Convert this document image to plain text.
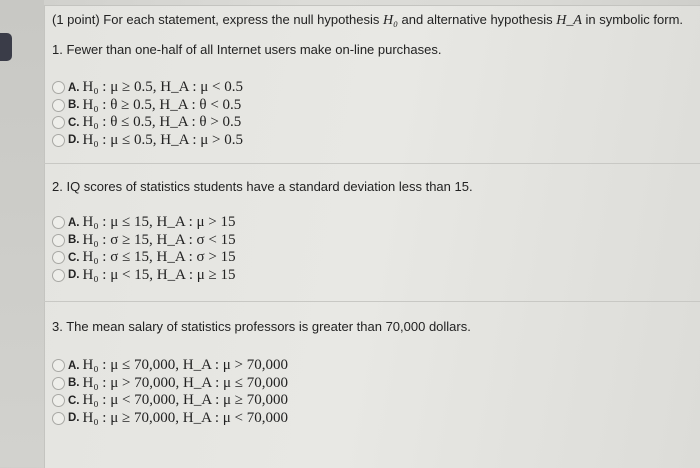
(1 point) For each statement, express the null hypothesis H₀ and alternative hypothesis H_A in symbolic form.
1. Fewer than one-half of all Internet users make on-line purchases.
A. H₀ : μ ≥ 0.5, H_A : μ < 0.5
B. H₀ : θ ≥ 0.5, H_A : θ < 0.5
C. H₀ : θ ≤ 0.5, H_A : θ > 0.5
D. H₀ : μ ≤ 0.5, H_A : μ > 0.5
2. IQ scores of statistics students have a standard deviation less than 15.
A. H₀ : μ ≤ 15, H_A : μ > 15
B. H₀ : σ ≥ 15, H_A : σ < 15
C. H₀ : σ ≤ 15, H_A : σ > 15
D. H₀ : μ < 15, H_A : μ ≥ 15
3. The mean salary of statistics professors is greater than 70,000 dollars.
A. H₀ : μ ≤ 70,000, H_A : μ > 70,000
B. H₀ : μ > 70,000, H_A : μ ≤ 70,000
C. H₀ : μ < 70,000, H_A : μ ≥ 70,000
D. H₀ : μ ≥ 70,000, H_A : μ < 70,000
